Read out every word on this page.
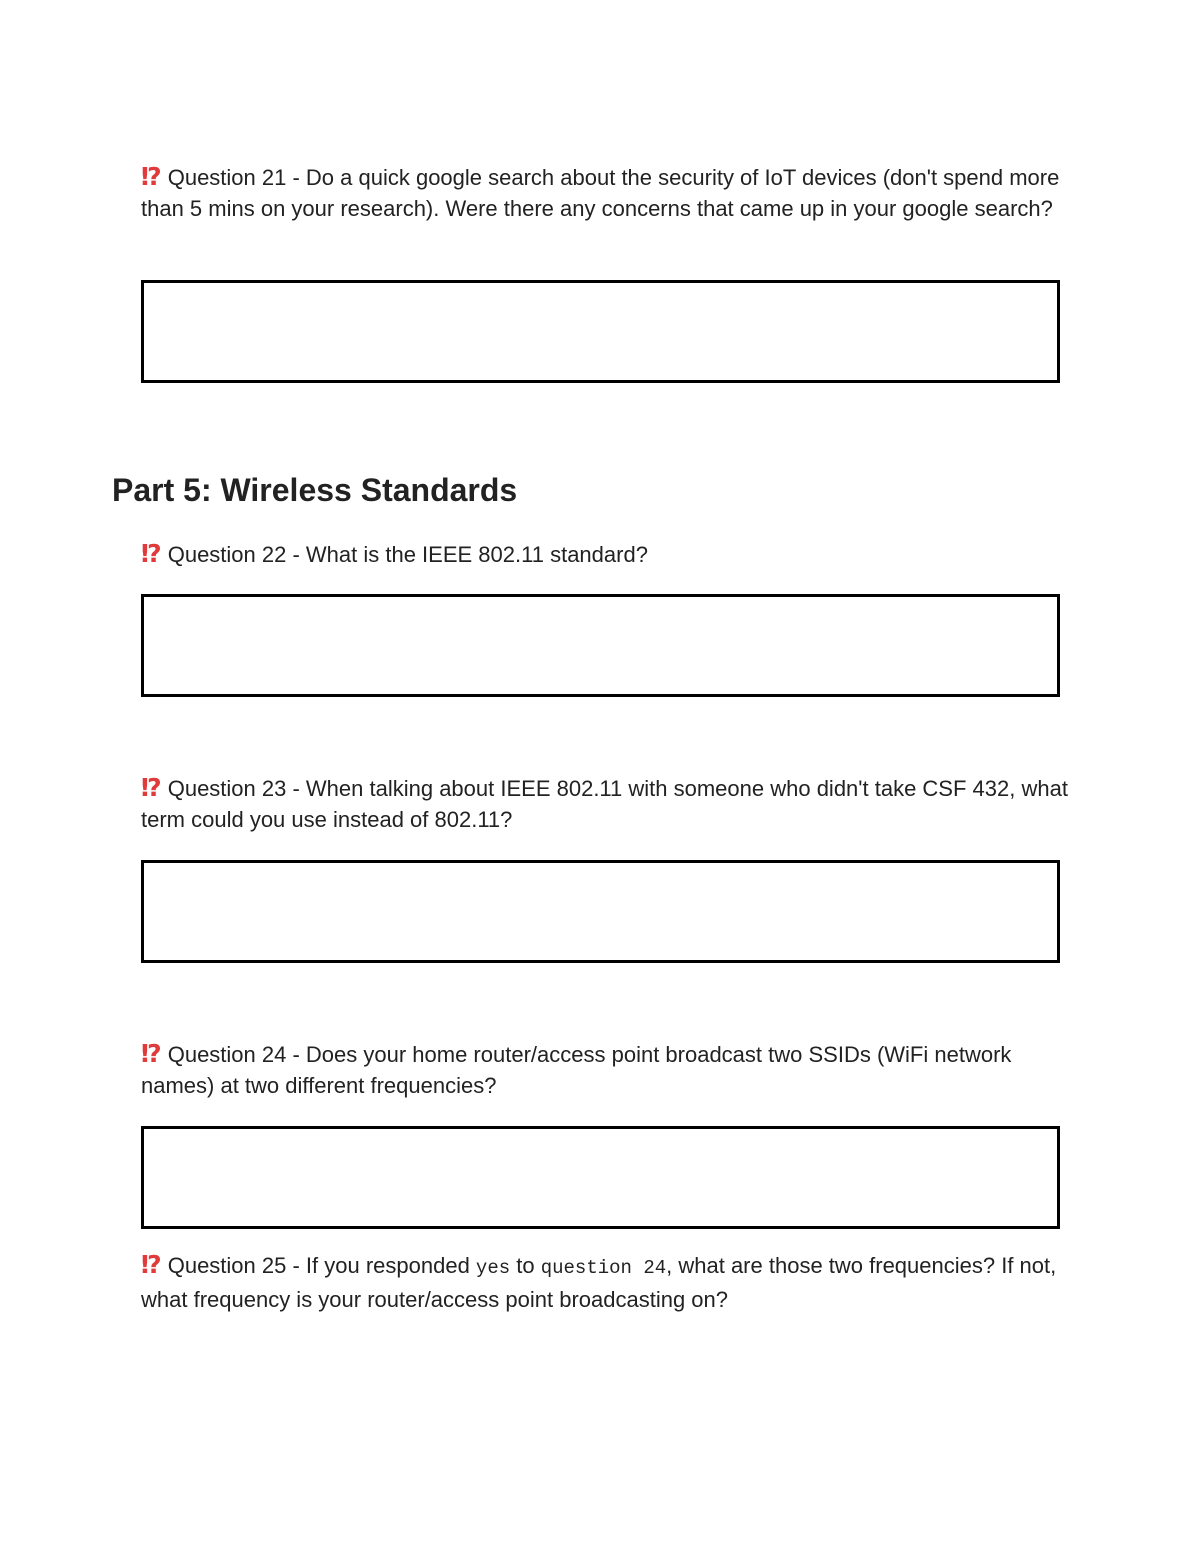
⁉ Question 21 - Do a quick google search about the security of IoT devices (don't spend more than 5 mins on your research). Were there any concerns that came up in your google search?
Part 5: Wireless Standards
⁉ Question 22 - What is the IEEE 802.11 standard?
⁉ Question 23 - When talking about IEEE 802.11 with someone who didn't take CSF 432, what term could you use instead of 802.11?
⁉ Question 24 - Does your home router/access point broadcast two SSIDs (WiFi network names) at two different frequencies?
⁉ Question 25 - If you responded yes to question 24, what are those two frequencies? If not, what frequency is your router/access point broadcasting on?
